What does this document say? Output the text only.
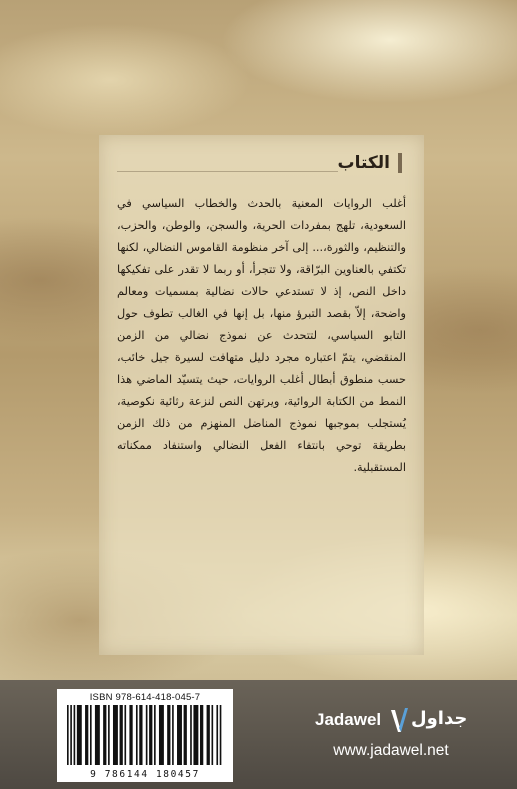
الكتاب

أغلب الروايات المعنية بالحدث والخطاب السياسي في السعودية، تلهج بمفردات الحرية، والسجن، والوطن، والحزب، والتنظيم، والثورة،... إلى آخر منظومة القاموس النضالي، لكنها تكتفي بالعناوين البرّاقة، ولا تتجرأ، أو ربما لا تقدر على تفكيكها داخل النص، إذ لا تستدعي حالات نضالية بمسميات ومعالم واضحة، إلاّ بقصد التبرؤ منها، بل إنها في الغالب تطوف حول التابو السياسي، لتتحدث عن نموذج نضالي من الزمن المنقضي، يتمّ اعتباره مجرد دليل متهافت لسيرة جيل خائب، حسب منطوق أبطال أغلب الروايات، حيث يتسيّد الماضي هذا النمط من الكتابة الروائية، ويرتهن النص لنزعة رثائية نكوصية، يُستجلب بموجبها نموذج المناضل المنهزم من ذلك الزمن بطريقة توحي بانتفاء الفعل النضالي واستنفاد ممكناته المستقبلية.

ISBN 978-614-418-045-7
9 786144 180457
Jadawel جداول
www.jadawel.net
